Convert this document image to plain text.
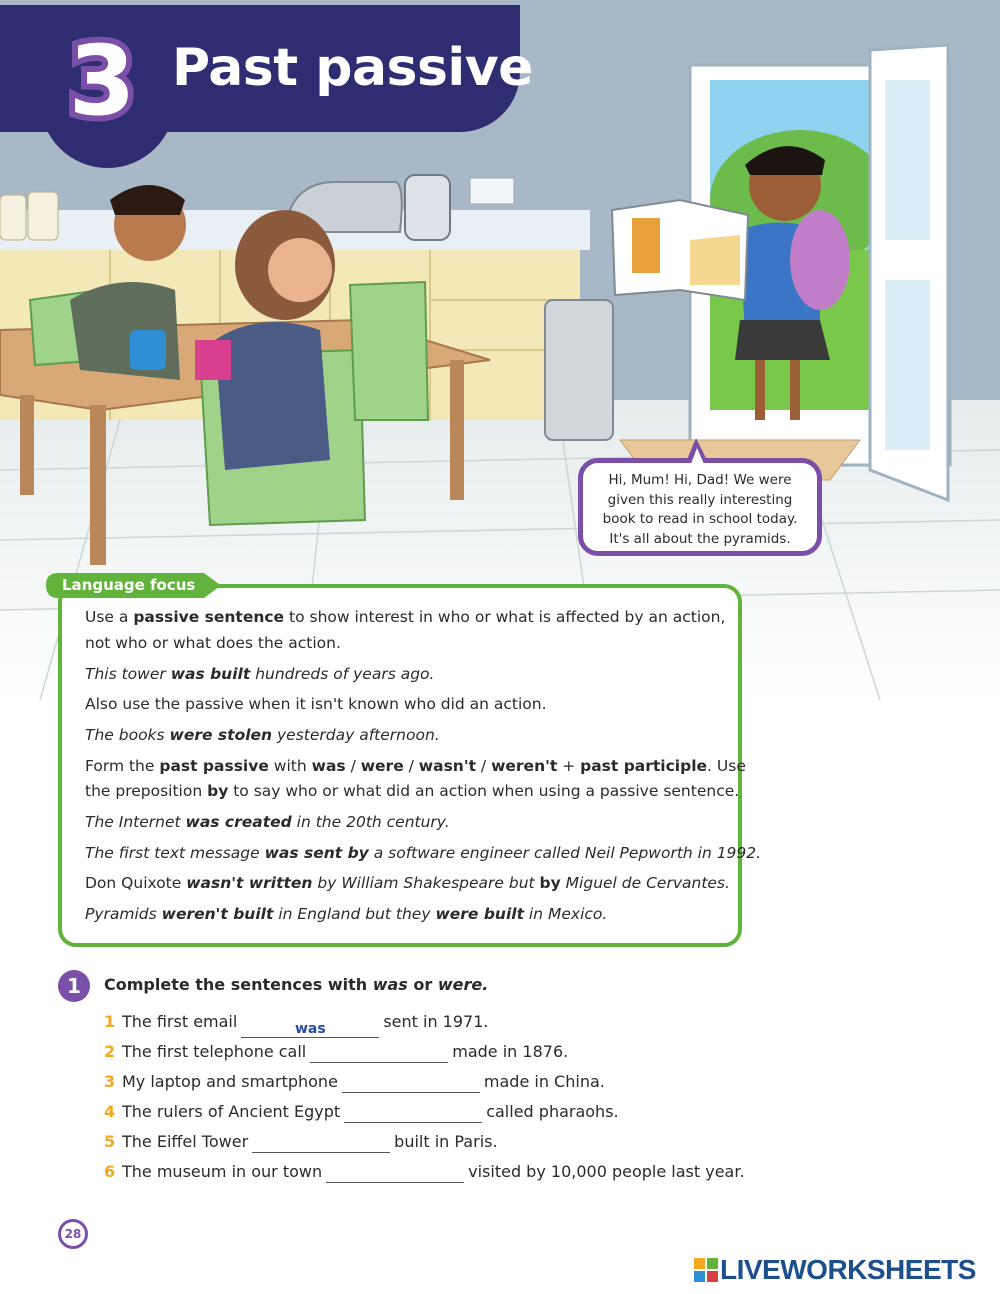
3 Past passive
Hi, Mum! Hi, Dad! We were
given this really interesting
book to read in school today.
It's all about the pyramids.
Language focus
Use a passive sentence to show interest in who or what is affected by an action,
not who or what does the action.
This tower was built hundreds of years ago.
Also use the passive when it isn't known who did an action.
The books were stolen yesterday afternoon.
Form the past passive with was / were / wasn't / weren't + past participle. Use
the preposition by to say who or what did an action when using a passive sentence.
The Internet was created in the 20th century.
The first text message was sent by a software engineer called Neil Pepworth in 1992.
Don Quixote wasn't written by William Shakespeare but by Miguel de Cervantes.
Pyramids weren't built in England but they were built in Mexico.
1	Complete the sentences with was or were.
1 The first email	was	sent in 1971.
2 The first telephone call	made in 1876.
3 My laptop and smartphone	made in China.
4 The rulers of Ancient Egypt	called pharaohs.
5 The Eiffel Tower	built in Paris.
6 The museum in our town	visited by 10,000 people last year.
28
LIVEWORKSHEETS
